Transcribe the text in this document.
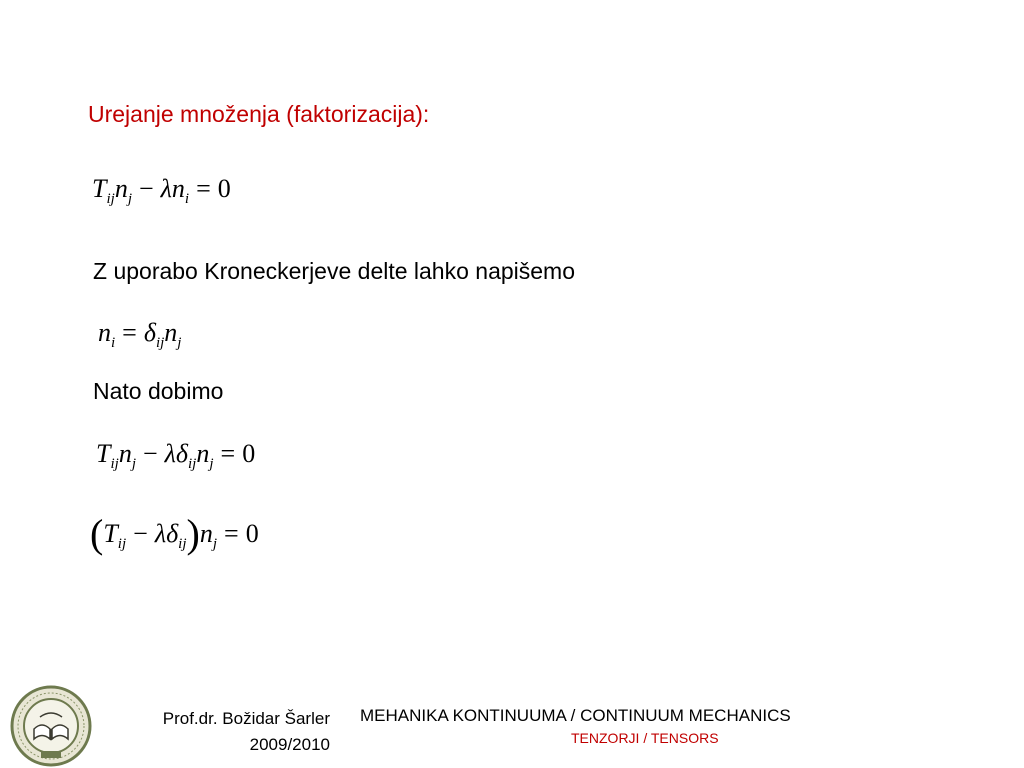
Urejanje množenja (faktorizacija):
$T_{ij}n_j - \lambda n_i = 0$
Z uporabo Kroneckerjeve delte lahko napišemo
$n_i = \delta_{ij}n_j$
Nato dobimo
$T_{ij}n_j - \lambda\delta_{ij}n_j = 0$
$(T_{ij} - \lambda\delta_{ij})n_j = 0$
Prof.dr. Božidar Šarler
2009/2010
MEHANIKA KONTINUUMA / CONTINUUM MECHANICS
TENZORJI / TENSORS
